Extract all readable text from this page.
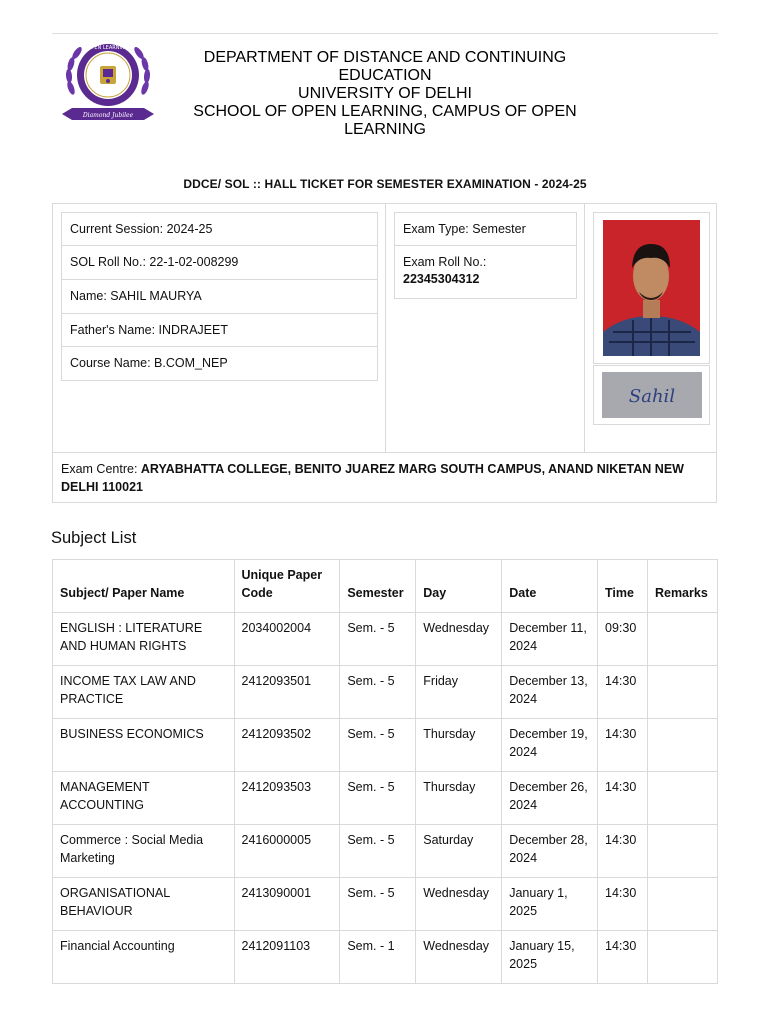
OPEN LEARNING
Diamond Jubilee
DEPARTMENT OF DISTANCE AND CONTINUING EDUCATION
UNIVERSITY OF DELHI
SCHOOL OF OPEN LEARNING, CAMPUS OF OPEN LEARNING
DDCE/ SOL :: HALL TICKET FOR SEMESTER EXAMINATION - 2024-25
Current Session: 2024-25
SOL Roll No.: 22-1-02-008299
Name: SAHIL MAURYA
Father's Name: INDRAJEET
Course Name: B.COM_NEP
Exam Type: Semester
Exam Roll No.:
22345304312
Sahil
Exam Centre: ARYABHATTA COLLEGE, BENITO JUAREZ MARG SOUTH CAMPUS, ANAND NIKETAN NEW DELHI 110021
Subject List
Subject/ Paper Name	Unique Paper Code	Semester	Day	Date	Time	Remarks
ENGLISH : LITERATURE AND HUMAN RIGHTS	2034002004	Sem. - 5	Wednesday	December 11, 2024	09:30	
INCOME TAX LAW AND PRACTICE	2412093501	Sem. - 5	Friday	December 13, 2024	14:30	
BUSINESS ECONOMICS	2412093502	Sem. - 5	Thursday	December 19, 2024	14:30	
MANAGEMENT ACCOUNTING	2412093503	Sem. - 5	Thursday	December 26, 2024	14:30	
Commerce : Social Media Marketing	2416000005	Sem. - 5	Saturday	December 28, 2024	14:30	
ORGANISATIONAL BEHAVIOUR	2413090001	Sem. - 5	Wednesday	January 1, 2025	14:30	
Financial Accounting	2412091103	Sem. - 1	Wednesday	January 15, 2025	14:30	
